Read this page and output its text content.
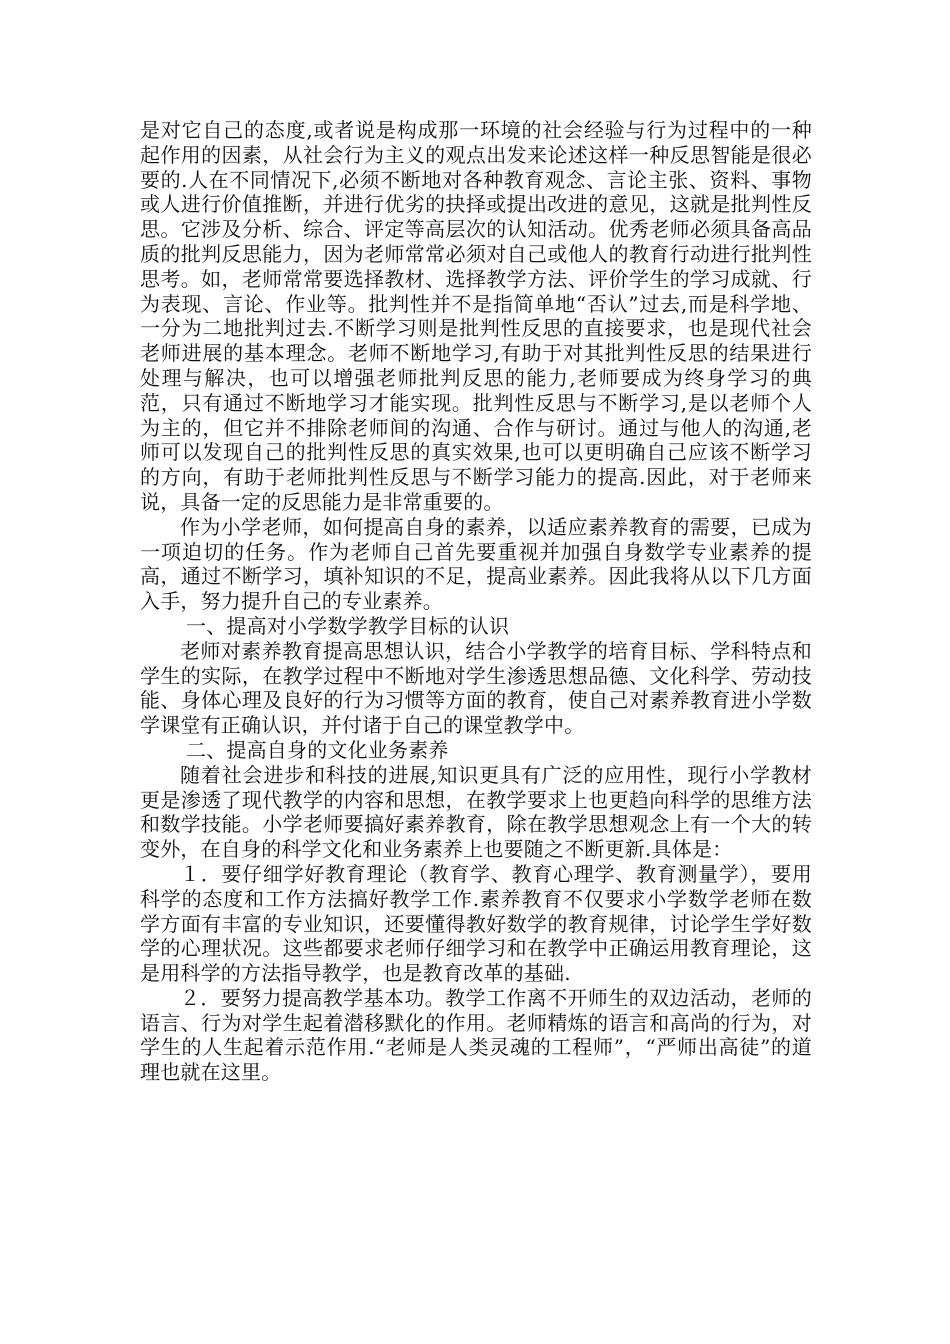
是对它自己的态度,或者说是构成那一环境的社会经验与行为过程中的一种起作用的因素，从社会行为主义的观点出发来论述这样一种反思智能是很必要的.人在不同情况下,必须不断地对各种教育观念、言论主张、资料、事物或人进行价值推断，并进行优劣的抉择或提出改进的意见，这就是批判性反思。它涉及分析、综合、评定等高层次的认知活动。优秀老师必须具备高品质的批判反思能力，因为老师常常必须对自己或他人的教育行动进行批判性思考。如，老师常常要选择教材、选择教学方法、评价学生的学习成就、行为表现、言论、作业等。批判性并不是指简单地“否认”过去,而是科学地、一分为二地批判过去.不断学习则是批判性反思的直接要求，也是现代社会老师进展的基本理念。老师不断地学习,有助于对其批判性反思的结果进行处理与解决，也可以增强老师批判反思的能力,老师要成为终身学习的典范，只有通过不断地学习才能实现。批判性反思与不断学习,是以老师个人为主的，但它并不排除老师间的沟通、合作与研讨。通过与他人的沟通,老师可以发现自己的批判性反思的真实效果,也可以更明确自己应该不断学习的方向，有助于老师批判性反思与不断学习能力的提高.因此，对于老师来说，具备一定的反思能力是非常重要的。

作为小学老师，如何提高自身的素养，以适应素养教育的需要，已成为一项迫切的任务。作为老师自己首先要重视并加强自身数学专业素养的提高，通过不断学习，填补知识的不足，提高业素养。因此我将从以下几方面入手，努力提升自己的专业素养。

一、提高对小学数学教学目标的认识

老师对素养教育提高思想认识，结合小学教学的培育目标、学科特点和学生的实际，在教学过程中不断地对学生渗透思想品德、文化科学、劳动技能、身体心理及良好的行为习惯等方面的教育，使自己对素养教育进小学数学课堂有正确认识，并付诸于自己的课堂教学中。

二、提高自身的文化业务素养

随着社会进步和科技的进展,知识更具有广泛的应用性，现行小学教材更是渗透了现代教学的内容和思想，在教学要求上也更趋向科学的思维方法和数学技能。小学老师要搞好素养教育，除在教学思想观念上有一个大的转变外，在自身的科学文化和业务素养上也要随之不断更新.具体是：

１．要仔细学好教育理论（教育学、教育心理学、教育测量学），要用科学的态度和工作方法搞好教学工作.素养教育不仅要求小学数学老师在数学方面有丰富的专业知识，还要懂得教好数学的教育规律，讨论学生学好数学的心理状况。这些都要求老师仔细学习和在教学中正确运用教育理论，这是用科学的方法指导教学，也是教育改革的基础.

２．要努力提高教学基本功。教学工作离不开师生的双边活动，老师的语言、行为对学生起着潜移默化的作用。老师精炼的语言和高尚的行为，对学生的人生起着示范作用.“老师是人类灵魂的工程师”，“严师出高徒”的道理也就在这里。
